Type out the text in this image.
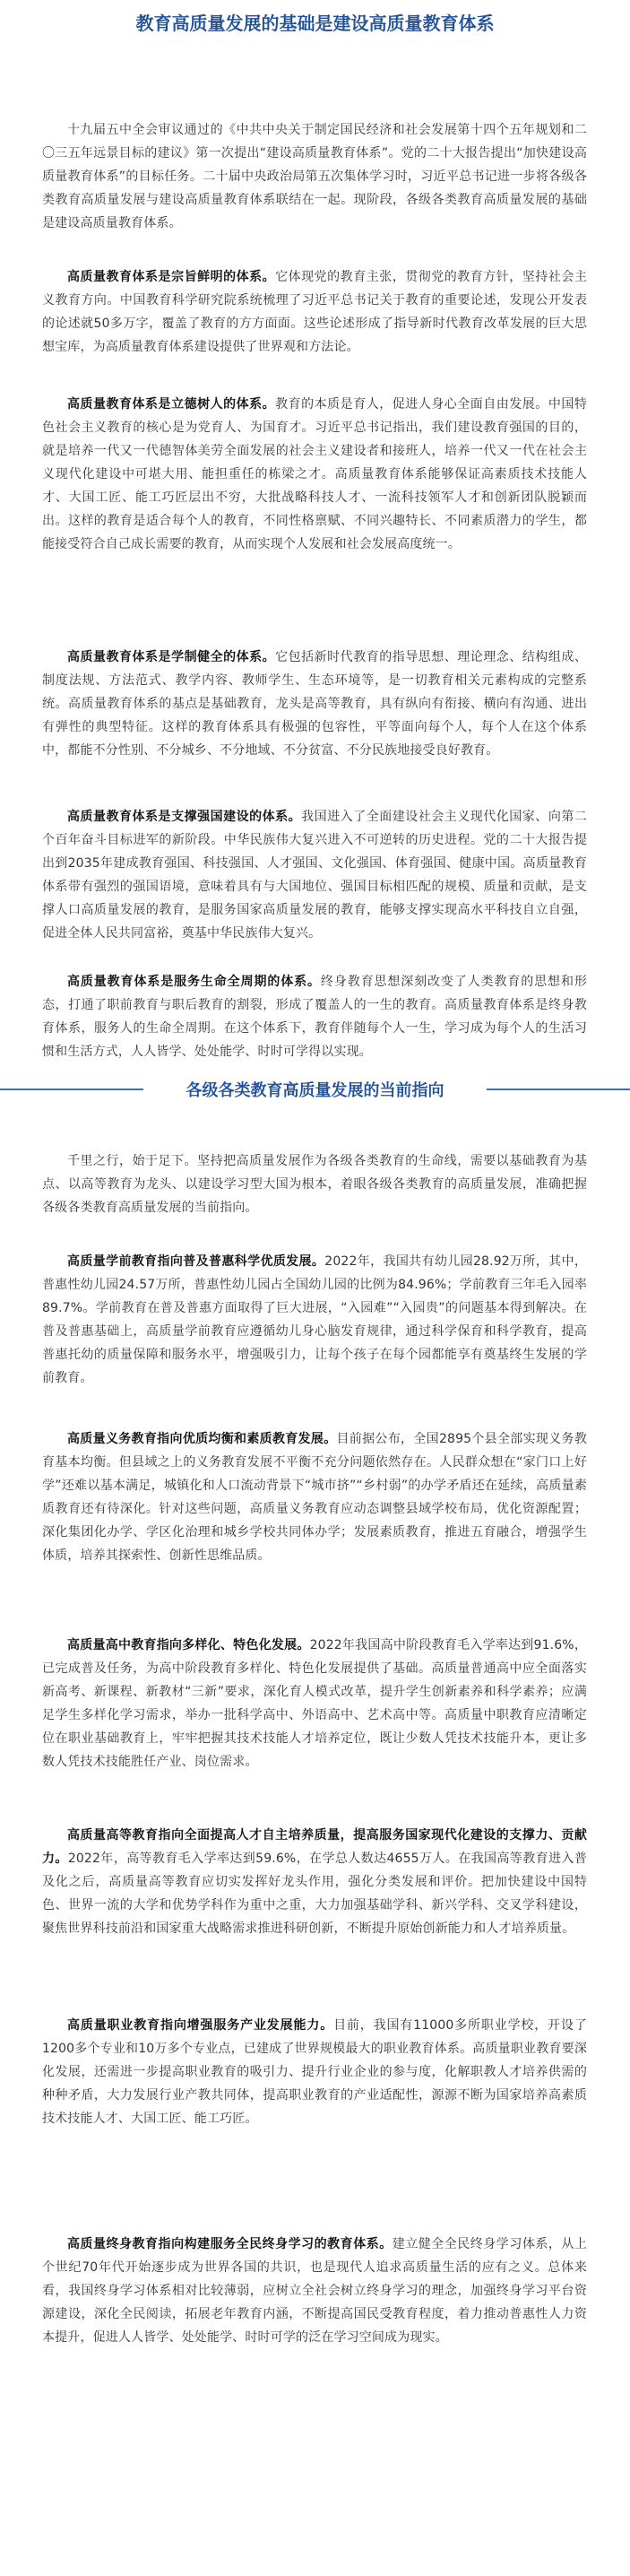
教育高质量发展的基础是建设高质量教育体系

十九届五中全会审议通过的《中共中央关于制定国民经济和社会发展第十四个五年规划和二〇三五年远景目标的建议》第一次提出“建设高质量教育体系”。党的二十大报告提出“加快建设高质量教育体系”的目标任务。二十届中央政治局第五次集体学习时，习近平总书记进一步将各级各类教育高质量发展与建设高质量教育体系联结在一起。现阶段，各级各类教育高质量发展的基础是建设高质量教育体系。

高质量教育体系是宗旨鲜明的体系。它体现党的教育主张，贯彻党的教育方针，坚持社会主义教育方向。中国教育科学研究院系统梳理了习近平总书记关于教育的重要论述，发现公开发表的论述就50多万字，覆盖了教育的方方面面。这些论述形成了指导新时代教育改革发展的巨大思想宝库，为高质量教育体系建设提供了世界观和方法论。

高质量教育体系是立德树人的体系。教育的本质是育人，促进人身心全面自由发展。中国特色社会主义教育的核心是为党育人、为国育才。习近平总书记指出，我们建设教育强国的目的，就是培养一代又一代德智体美劳全面发展的社会主义建设者和接班人，培养一代又一代在社会主义现代化建设中可堪大用、能担重任的栋梁之才。高质量教育体系能够保证高素质技术技能人才、大国工匠、能工巧匠层出不穷，大批战略科技人才、一流科技领军人才和创新团队脱颖而出。这样的教育是适合每个人的教育，不同性格禀赋、不同兴趣特长、不同素质潜力的学生，都能接受符合自己成长需要的教育，从而实现个人发展和社会发展高度统一。

高质量教育体系是学制健全的体系。它包括新时代教育的指导思想、理论理念、结构组成、制度法规、方法范式、教学内容、教师学生、生态环境等，是一切教育相关元素构成的完整系统。高质量教育体系的基点是基础教育，龙头是高等教育，具有纵向有衔接、横向有沟通、进出有弹性的典型特征。这样的教育体系具有极强的包容性，平等面向每个人，每个人在这个体系中，都能不分性别、不分城乡、不分地域、不分贫富、不分民族地接受良好教育。

高质量教育体系是支撑强国建设的体系。我国进入了全面建设社会主义现代化国家、向第二个百年奋斗目标进军的新阶段。中华民族伟大复兴进入不可逆转的历史进程。党的二十大报告提出到2035年建成教育强国、科技强国、人才强国、文化强国、体育强国、健康中国。高质量教育体系带有强烈的强国语境，意味着具有与大国地位、强国目标相匹配的规模、质量和贡献，是支撑人口高质量发展的教育，是服务国家高质量发展的教育，能够支撑实现高水平科技自立自强，促进全体人民共同富裕，奠基中华民族伟大复兴。

高质量教育体系是服务生命全周期的体系。终身教育思想深刻改变了人类教育的思想和形态，打通了职前教育与职后教育的割裂，形成了覆盖人的一生的教育。高质量教育体系是终身教育体系，服务人的生命全周期。在这个体系下，教育伴随每个人一生，学习成为每个人的生活习惯和生活方式，人人皆学、处处能学、时时可学得以实现。

各级各类教育高质量发展的当前指向

千里之行，始于足下。坚持把高质量发展作为各级各类教育的生命线，需要以基础教育为基点、以高等教育为龙头、以建设学习型大国为根本，着眼各级各类教育的高质量发展，准确把握各级各类教育高质量发展的当前指向。

高质量学前教育指向普及普惠科学优质发展。2022年，我国共有幼儿园28.92万所，其中，普惠性幼儿园24.57万所，普惠性幼儿园占全国幼儿园的比例为84.96%；学前教育三年毛入园率89.7%。学前教育在普及普惠方面取得了巨大进展，“入园难”“入园贵”的问题基本得到解决。在普及普惠基础上，高质量学前教育应遵循幼儿身心脑发育规律，通过科学保育和科学教育，提高普惠托幼的质量保障和服务水平，增强吸引力，让每个孩子在每个园都能享有奠基终生发展的学前教育。

高质量义务教育指向优质均衡和素质教育发展。目前据公布，全国2895个县全部实现义务教育基本均衡。但县域之上的义务教育发展不平衡不充分问题依然存在。人民群众想在“家门口上好学”还难以基本满足，城镇化和人口流动背景下“城市挤”“乡村弱”的办学矛盾还在延续，高质量素质教育还有待深化。针对这些问题，高质量义务教育应动态调整县域学校布局，优化资源配置；深化集团化办学、学区化治理和城乡学校共同体办学；发展素质教育，推进五育融合，增强学生体质，培养其探索性、创新性思维品质。

高质量高中教育指向多样化、特色化发展。2022年我国高中阶段教育毛入学率达到91.6%，已完成普及任务，为高中阶段教育多样化、特色化发展提供了基础。高质量普通高中应全面落实新高考、新课程、新教材“三新”要求，深化育人模式改革，提升学生创新素养和科学素养；应满足学生多样化学习需求，举办一批科学高中、外语高中、艺术高中等。高质量中职教育应清晰定位在职业基础教育上，牢牢把握其技术技能人才培养定位，既让少数人凭技术技能升本，更让多数人凭技术技能胜任产业、岗位需求。

高质量高等教育指向全面提高人才自主培养质量，提高服务国家现代化建设的支撑力、贡献力。2022年，高等教育毛入学率达到59.6%，在学总人数达4655万人。在我国高等教育进入普及化之后，高质量高等教育应切实发挥好龙头作用，强化分类发展和评价。把加快建设中国特色、世界一流的大学和优势学科作为重中之重，大力加强基础学科、新兴学科、交叉学科建设，聚焦世界科技前沿和国家重大战略需求推进科研创新，不断提升原始创新能力和人才培养质量。

高质量职业教育指向增强服务产业发展能力。目前，我国有11000多所职业学校，开设了1200多个专业和10万多个专业点，已建成了世界规模最大的职业教育体系。高质量职业教育要深化发展，还需进一步提高职业教育的吸引力、提升行业企业的参与度，化解职教人才培养供需的种种矛盾，大力发展行业产教共同体，提高职业教育的产业适配性，源源不断为国家培养高素质技术技能人才、大国工匠、能工巧匠。

高质量终身教育指向构建服务全民终身学习的教育体系。建立健全全民终身学习体系，从上个世纪70年代开始逐步成为世界各国的共识，也是现代人追求高质量生活的应有之义。总体来看，我国终身学习体系相对比较薄弱，应树立全社会树立终身学习的理念，加强终身学习平台资源建设，深化全民阅读，拓展老年教育内涵，不断提高国民受教育程度，着力推动普惠性人力资本提升，促进人人皆学、处处能学、时时可学的泛在学习空间成为现实。
